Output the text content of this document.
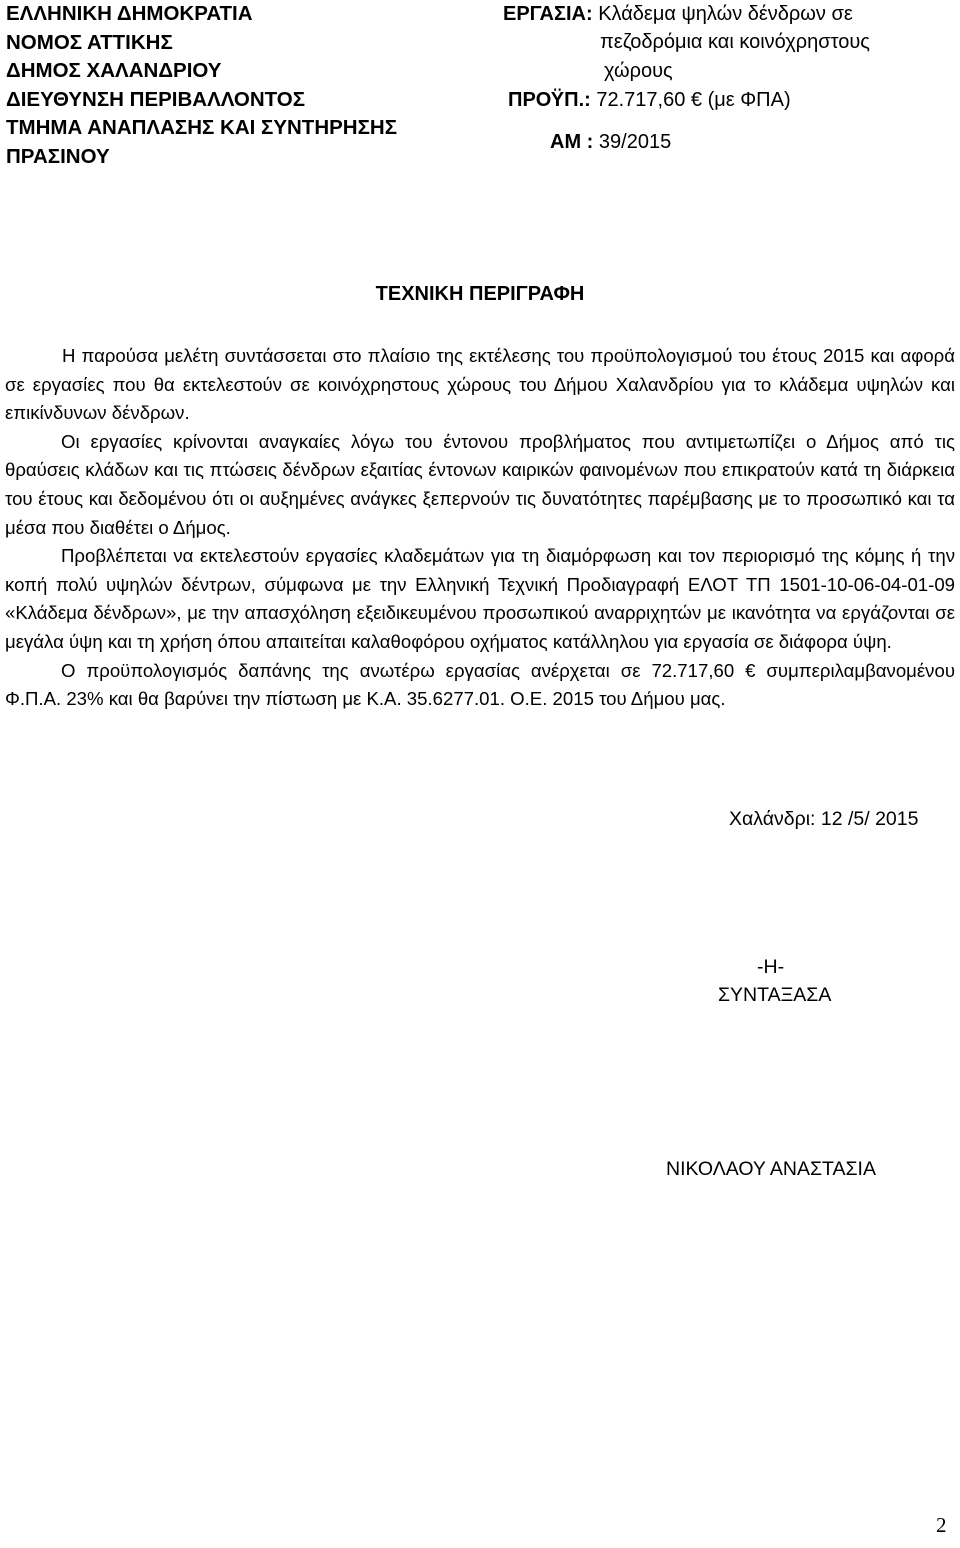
ΕΛΛΗΝΙΚΗ ΔΗΜΟΚΡΑΤΙΑ
ΝΟΜΟΣ ΑΤΤΙΚΗΣ
ΔΗΜΟΣ ΧΑΛΑΝΔΡΙΟΥ
ΔΙΕΥΘΥΝΣΗ ΠΕΡΙΒΑΛΛΟΝΤΟΣ
ΤΜΗΜΑ ΑΝΑΠΛΑΣΗΣ ΚΑΙ ΣΥΝΤΗΡΗΣΗΣ
ΠΡΑΣΙΝΟΥ
ΕΡΓΑΣΙΑ: Κλάδεμα ψηλών δένδρων σε
πεζοδρόμια και κοινόχρηστους
χώρους
ΠΡΟΫΠ.: 72.717,60 € (με ΦΠΑ)
ΑΜ : 39/2015
ΤΕΧΝΙΚΗ ΠΕΡΙΓΡΑΦΗ

Η παρούσα μελέτη συντάσσεται στο πλαίσιο της εκτέλεσης του προϋπολογισμού του έτους 2015 και αφορά σε εργασίες που θα εκτελεστούν σε κοινόχρηστους χώρους του Δήμου Χαλανδρίου για το κλάδεμα υψηλών και επικίνδυνων δένδρων.

Οι εργασίες κρίνονται αναγκαίες λόγω του έντονου προβλήματος που αντιμετωπίζει ο Δήμος από τις θραύσεις κλάδων και τις πτώσεις δένδρων εξαιτίας έντονων καιρικών φαινομένων που επικρατούν κατά τη διάρκεια του έτους και δεδομένου ότι οι αυξημένες ανάγκες ξεπερνούν τις δυνατότητες παρέμβασης με το προσωπικό και τα μέσα που διαθέτει ο Δήμος.

Προβλέπεται να εκτελεστούν εργασίες κλαδεμάτων για τη διαμόρφωση και τον περιορισμό της κόμης ή την κοπή πολύ υψηλών δέντρων, σύμφωνα με την Ελληνική Τεχνική Προδιαγραφή ΕΛΟΤ ΤΠ 1501-10-06-04-01-09 «Κλάδεμα δένδρων», με την απασχόληση εξειδικευμένου προσωπικού αναρριχητών με ικανότητα να εργάζονται σε μεγάλα ύψη και τη χρήση όπου απαιτείται καλαθοφόρου οχήματος κατάλληλου για εργασία σε διάφορα ύψη.

Ο προϋπολογισμός δαπάνης της ανωτέρω εργασίας ανέρχεται σε 72.717,60 € συμπεριλαμβανομένου Φ.Π.Α. 23% και θα βαρύνει την πίστωση με Κ.Α. 35.6277.01. Ο.Ε. 2015 του Δήμου μας.

Χαλάνδρι: 12 /5/ 2015
-Η-
ΣΥΝΤΑΞΑΣΑ
ΝΙΚΟΛΑΟΥ ΑΝΑΣΤΑΣΙΑ
2
